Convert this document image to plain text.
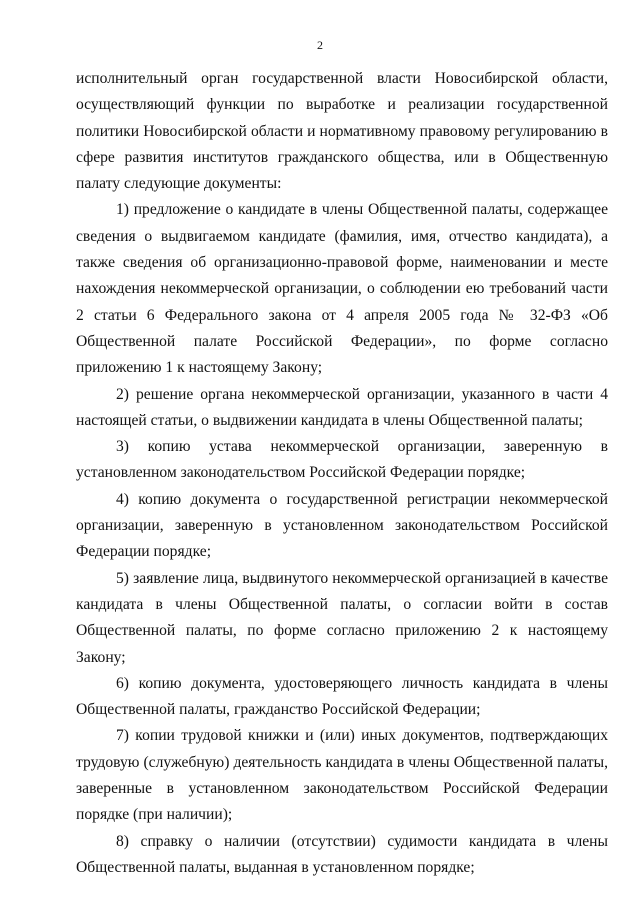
2

исполнительный орган государственной власти Новосибирской области, осуществляющий функции по выработке и реализации государственной политики Новосибирской области и нормативному правовому регулированию в сфере развития институтов гражданского общества, или в Общественную палату следующие документы:

1) предложение о кандидате в члены Общественной палаты, содержащее сведения о выдвигаемом кандидате (фамилия, имя, отчество кандидата), а также сведения об организационно-правовой форме, наименовании и месте нахождения некоммерческой организации, о соблюдении ею требований части 2 статьи 6 Федерального закона от 4 апреля 2005 года № 32-ФЗ «Об Общественной палате Российской Федерации», по форме согласно приложению 1 к настоящему Закону;

2) решение органа некоммерческой организации, указанного в части 4 настоящей статьи, о выдвижении кандидата в члены Общественной палаты;

3) копию устава некоммерческой организации, заверенную в установленном законодательством Российской Федерации порядке;

4) копию документа о государственной регистрации некоммерческой организации, заверенную в установленном законодательством Российской Федерации порядке;

5) заявление лица, выдвинутого некоммерческой организацией в качестве кандидата в члены Общественной палаты, о согласии войти в состав Общественной палаты, по форме согласно приложению 2 к настоящему Закону;

6) копию документа, удостоверяющего личность кандидата в члены Общественной палаты, гражданство Российской Федерации;

7) копии трудовой книжки и (или) иных документов, подтверждающих трудовую (служебную) деятельность кандидата в члены Общественной палаты, заверенные в установленном законодательством Российской Федерации порядке (при наличии);

8) справку о наличии (отсутствии) судимости кандидата в члены Общественной палаты, выданная в установленном порядке;
